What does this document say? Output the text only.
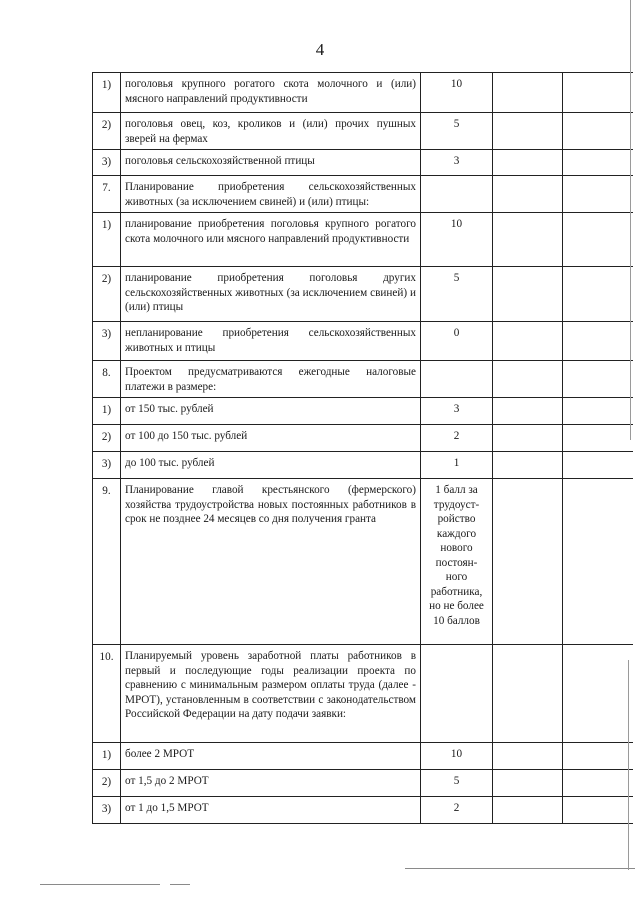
4
1)	поголовья крупного рогатого скота молочного и (или) мясного направлений продуктивности	10		
2)	поголовья овец, коз, кроликов и (или) прочих пушных зверей на фермах	5		
3)	поголовья сельскохозяйственной птицы	3		
7.	Планирование приобретения сельскохозяйственных животных (за исключением свиней) и (или) птицы:			
1)	планирование приобретения поголовья крупного рогатого скота молочного или мясного направлений продуктивности	10		
2)	планирование приобретения поголовья других сельскохозяйственных животных (за исключением свиней) и (или) птицы	5		
3)	непланирование приобретения сельскохозяйственных животных и птицы	0		
8.	Проектом предусматриваются ежегодные налоговые платежи в размере:			
1)	от 150 тыс. рублей	3		
2)	от 100 до 150 тыс. рублей	2		
3)	до 100 тыс. рублей	1		
9.	Планирование главой крестьянского (фермерского) хозяйства трудоустройства новых постоянных работников в срок не позднее 24 месяцев со дня получения гранта	1 балл за трудоуст-ройство каждого нового постоян-ного работника, но не более 10 баллов		
10.	Планируемый уровень заработной платы работников в первый и последующие годы реализации проекта по сравнению с минимальным размером оплаты труда (далее - МРОТ), установленным в соответствии с законодательством Российской Федерации на дату подачи заявки:			
1)	более 2 МРОТ	10		
2)	от 1,5 до 2 МРОТ	5		
3)	от 1 до 1,5 МРОТ	2		
